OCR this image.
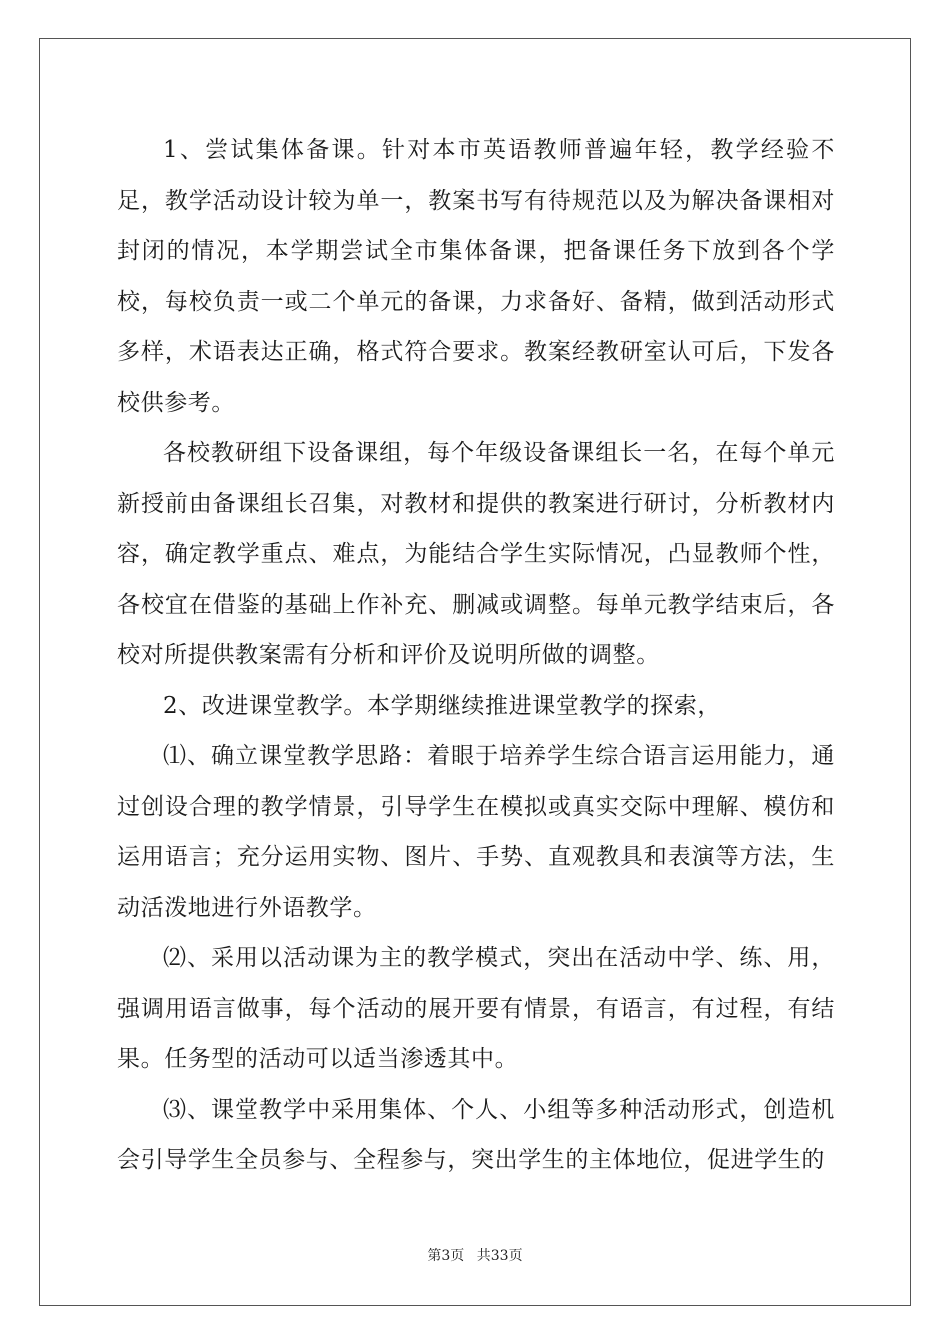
1、尝试集体备课。针对本市英语教师普遍年轻，教学经验不足，教学活动设计较为单一，教案书写有待规范以及为解决备课相对封闭的情况，本学期尝试全市集体备课，把备课任务下放到各个学校，每校负责一或二个单元的备课，力求备好、备精，做到活动形式多样，术语表达正确，格式符合要求。教案经教研室认可后，下发各校供参考。

各校教研组下设备课组，每个年级设备课组长一名，在每个单元新授前由备课组长召集，对教材和提供的教案进行研讨，分析教材内容，确定教学重点、难点，为能结合学生实际情况，凸显教师个性，各校宜在借鉴的基础上作补充、删减或调整。每单元教学结束后，各校对所提供教案需有分析和评价及说明所做的调整。

2、改进课堂教学。本学期继续推进课堂教学的探索，

⑴、确立课堂教学思路：着眼于培养学生综合语言运用能力，通过创设合理的教学情景，引导学生在模拟或真实交际中理解、模仿和运用语言；充分运用实物、图片、手势、直观教具和表演等方法，生动活泼地进行外语教学。

⑵、采用以活动课为主的教学模式，突出在活动中学、练、用，强调用语言做事，每个活动的展开要有情景，有语言，有过程，有结果。任务型的活动可以适当渗透其中。

⑶、课堂教学中采用集体、个人、小组等多种活动形式，创造机会引导学生全员参与、全程参与，突出学生的主体地位，促进学生的

第3页 共33页
